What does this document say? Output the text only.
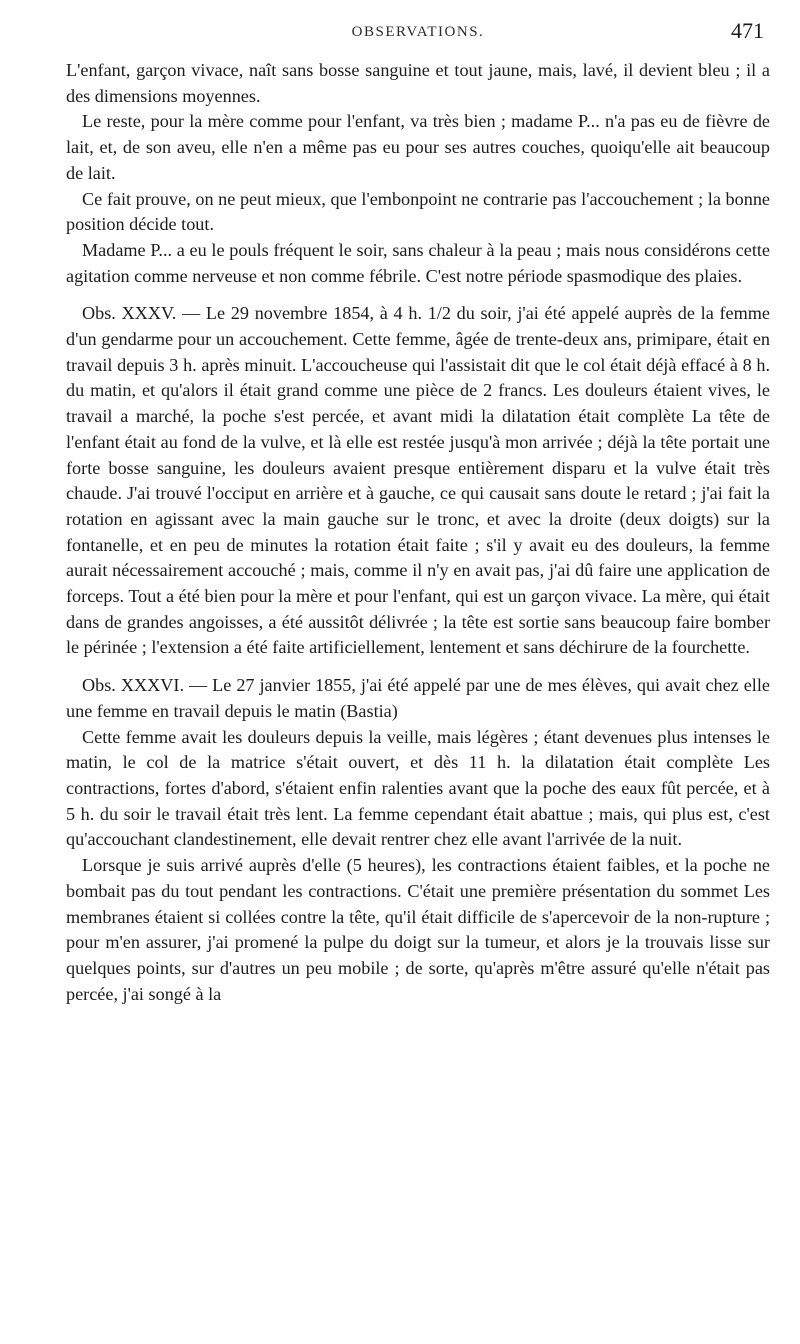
OBSERVATIONS.	471

L'enfant, garçon vivace, naît sans bosse sanguine et tout jaune, mais, lavé, il devient bleu ; il a des dimensions moyennes.

Le reste, pour la mère comme pour l'enfant, va très bien ; madame P... n'a pas eu de fièvre de lait, et, de son aveu, elle n'en a même pas eu pour ses autres couches, quoiqu'elle ait beaucoup de lait.

Ce fait prouve, on ne peut mieux, que l'embonpoint ne contrarie pas l'accouchement ; la bonne position décide tout.

Madame P... a eu le pouls fréquent le soir, sans chaleur à la peau ; mais nous considérons cette agitation comme nerveuse et non comme fébrile. C'est notre période spasmodique des plaies.

Obs. XXXV. — Le 29 novembre 1854, à 4 h. 1/2 du soir, j'ai été appelé auprès de la femme d'un gendarme pour un accouchement. Cette femme, âgée de trente-deux ans, primipare, était en travail depuis 3 h. après minuit. L'accoucheuse qui l'assistait dit que le col était déjà effacé à 8 h. du matin, et qu'alors il était grand comme une pièce de 2 francs. Les douleurs étaient vives, le travail a marché, la poche s'est percée, et avant midi la dilatation était complète La tête de l'enfant était au fond de la vulve, et là elle est restée jusqu'à mon arrivée ; déjà la tête portait une forte bosse sanguine, les douleurs avaient presque entièrement disparu et la vulve était très chaude. J'ai trouvé l'occiput en arrière et à gauche, ce qui causait sans doute le retard ; j'ai fait la rotation en agissant avec la main gauche sur le tronc, et avec la droite (deux doigts) sur la fontanelle, et en peu de minutes la rotation était faite ; s'il y avait eu des douleurs, la femme aurait nécessairement accouché ; mais, comme il n'y en avait pas, j'ai dû faire une application de forceps. Tout a été bien pour la mère et pour l'enfant, qui est un garçon vivace. La mère, qui était dans de grandes angoisses, a été aussitôt délivrée ; la tête est sortie sans beaucoup faire bomber le périnée ; l'extension a été faite artificiellement, lentement et sans déchirure de la fourchette.

Obs. XXXVI. — Le 27 janvier 1855, j'ai été appelé par une de mes élèves, qui avait chez elle une femme en travail depuis le matin (Bastia)

Cette femme avait les douleurs depuis la veille, mais légères ; étant devenues plus intenses le matin, le col de la matrice s'était ouvert, et dès 11 h. la dilatation était complète Les contractions, fortes d'abord, s'étaient enfin ralenties avant que la poche des eaux fût percée, et à 5 h. du soir le travail était très lent. La femme cependant était abattue ; mais, qui plus est, c'est qu'accouchant clandestinement, elle devait rentrer chez elle avant l'arrivée de la nuit.

Lorsque je suis arrivé auprès d'elle (5 heures), les contractions étaient faibles, et la poche ne bombait pas du tout pendant les contractions. C'était une première présentation du sommet Les membranes étaient si collées contre la tête, qu'il était difficile de s'apercevoir de la non-rupture ; pour m'en assurer, j'ai promené la pulpe du doigt sur la tumeur, et alors je la trouvais lisse sur quelques points, sur d'autres un peu mobile ; de sorte, qu'après m'être assuré qu'elle n'était pas percée, j'ai songé à la
